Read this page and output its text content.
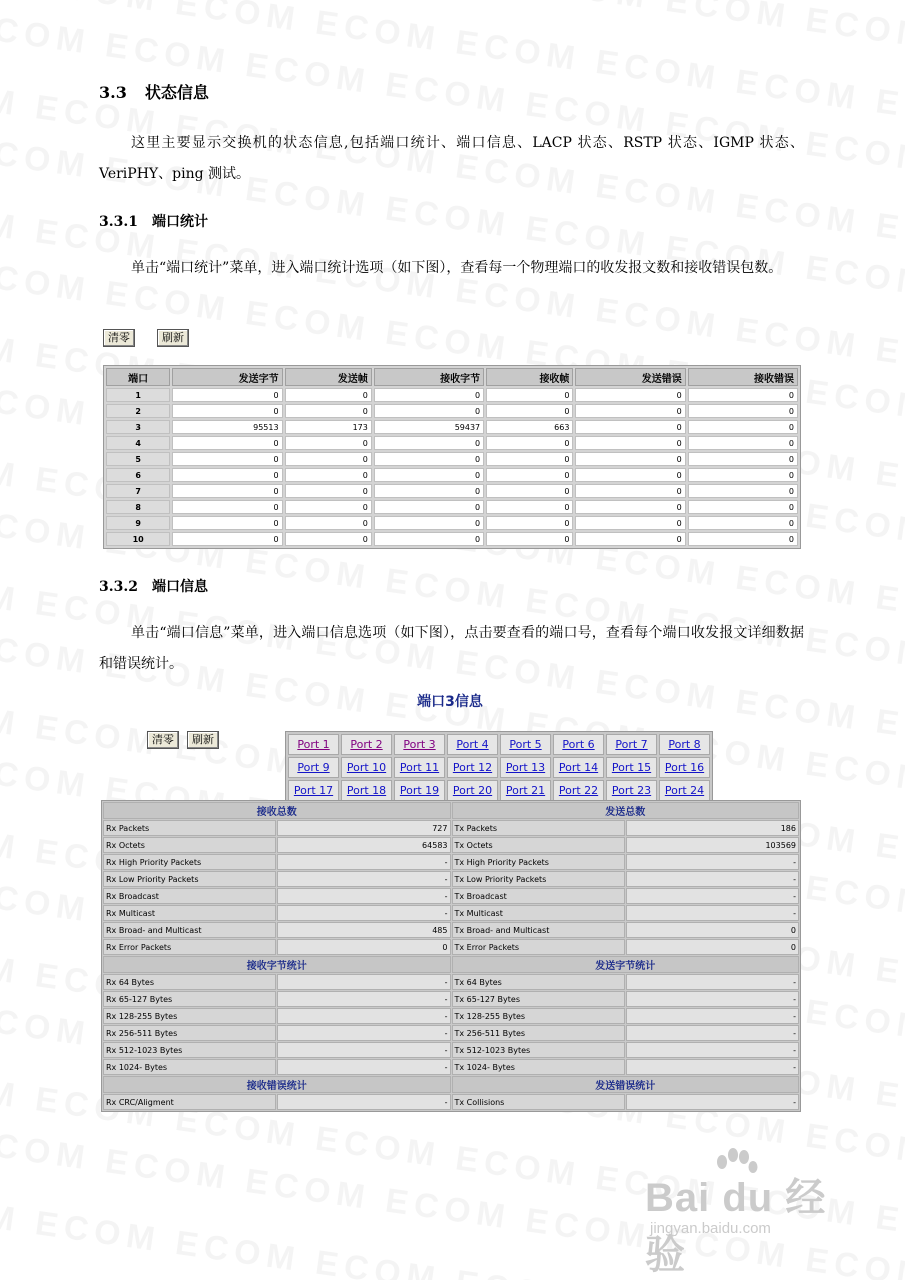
3.3 状态信息
这里主要显示交换机的状态信息,包括端口统计、端口信息、LACP 状态、RSTP 状态、IGMP 状态、VeriPHY、ping 测试。
3.3.1 端口统计
单击“端口统计”菜单，进入端口统计选项（如下图），查看每一个物理端口的收发报文数和接收错误包数。
清零	刷新
端口	发送字节	发送帧	接收字节	接收帧	发送错误	接收错误
1	0	0	0	0	0	0
2	0	0	0	0	0	0
3	95513	173	59437	663	0	0
4	0	0	0	0	0	0
5	0	0	0	0	0	0
6	0	0	0	0	0	0
7	0	0	0	0	0	0
8	0	0	0	0	0	0
9	0	0	0	0	0	0
10	0	0	0	0	0	0
3.3.2 端口信息
单击“端口信息”菜单，进入端口信息选项（如下图），点击要查看的端口号，查看每个端口收发报文详细数据和错误统计。
端口3信息
清零	刷新	Port 1	Port 2	Port 3	Port 4	Port 5	Port 6	Port 7	Port 8
Port 9	Port 10	Port 11	Port 12	Port 13	Port 14	Port 15	Port 16
Port 17	Port 18	Port 19	Port 20	Port 21	Port 22	Port 23	Port 24
接收总数		发送总数	
Rx Packets	727	Tx Packets	186
Rx Octets	64583	Tx Octets	103569
Rx High Priority Packets	-	Tx High Priority Packets	-
Rx Low Priority Packets	-	Tx Low Priority Packets	-
Rx Broadcast	-	Tx Broadcast	-
Rx Multicast	-	Tx Multicast	-
Rx Broad- and Multicast	485	Tx Broad- and Multicast	0
Rx Error Packets	0	Tx Error Packets	0
接收字节统计		发送字节统计	
Rx 64 Bytes	-	Tx 64 Bytes	-
Rx 65-127 Bytes	-	Tx 65-127 Bytes	-
Rx 128-255 Bytes	-	Tx 128-255 Bytes	-
Rx 256-511 Bytes	-	Tx 256-511 Bytes	-
Rx 512-1023 Bytes	-	Tx 512-1023 Bytes	-
Rx 1024- Bytes	-	Tx 1024- Bytes	-
接收错误统计		发送错误统计	
Rx CRC/Aligment	-	Tx Collisions	-
Bai du 经验
jingyan.baidu.com
